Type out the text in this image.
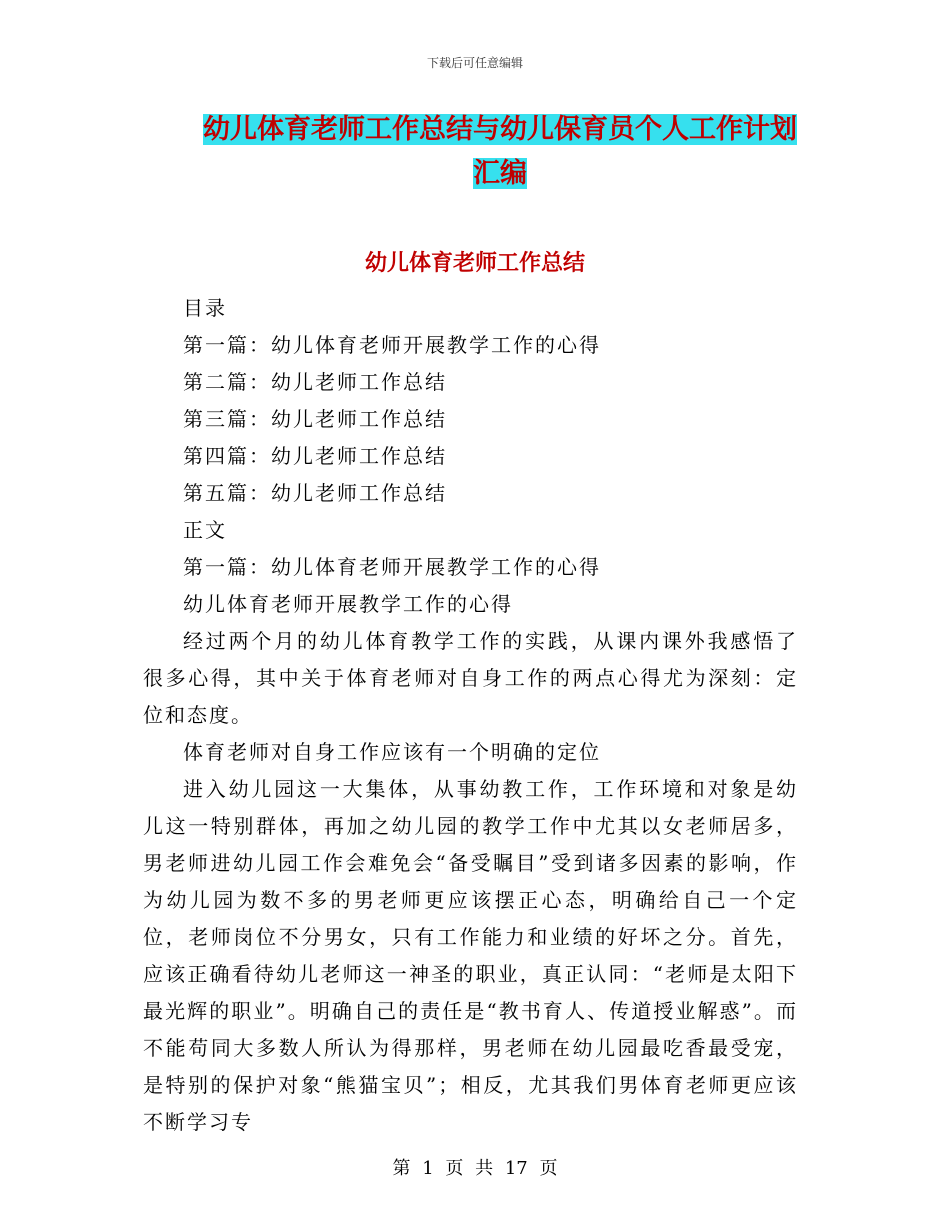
下载后可任意编辑
幼儿体育老师工作总结与幼儿保育员个人工作计划汇编
幼儿体育老师工作总结

目录

第一篇：幼儿体育老师开展教学工作的心得

第二篇：幼儿老师工作总结

第三篇：幼儿老师工作总结

第四篇：幼儿老师工作总结

第五篇：幼儿老师工作总结

正文

第一篇：幼儿体育老师开展教学工作的心得

幼儿体育老师开展教学工作的心得

经过两个月的幼儿体育教学工作的实践，从课内课外我感悟了很多心得，其中关于体育老师对自身工作的两点心得尤为深刻：定位和态度。

体育老师对自身工作应该有一个明确的定位

进入幼儿园这一大集体，从事幼教工作，工作环境和对象是幼儿这一特别群体，再加之幼儿园的教学工作中尤其以女老师居多，男老师进幼儿园工作会难免会“备受瞩目”受到诸多因素的影响，作为幼儿园为数不多的男老师更应该摆正心态，明确给自己一个定位，老师岗位不分男女，只有工作能力和业绩的好坏之分。首先，应该正确看待幼儿老师这一神圣的职业，真正认同：“老师是太阳下最光辉的职业”。明确自己的责任是“教书育人、传道授业解惑”。而不能苟同大多数人所认为得那样，男老师在幼儿园最吃香最受宠，是特别的保护对象“熊猫宝贝”；相反，尤其我们男体育老师更应该不断学习专

第 1 页 共 17 页
